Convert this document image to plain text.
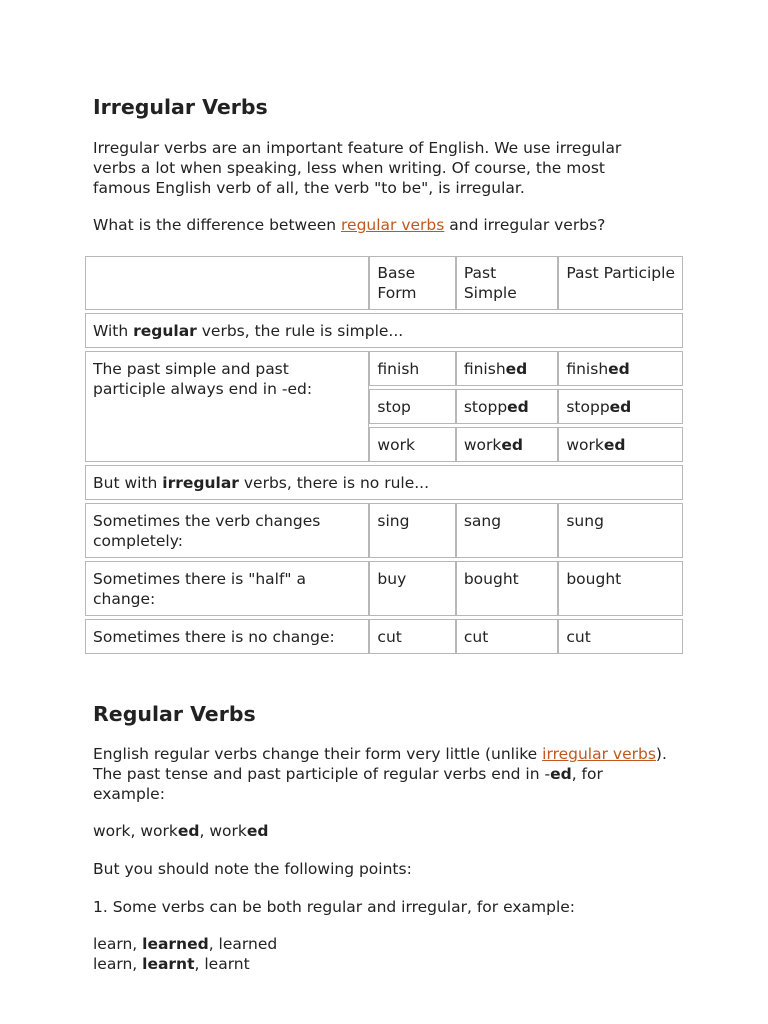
Irregular Verbs

Irregular verbs are an important feature of English. We use irregular verbs a lot when speaking, less when writing. Of course, the most famous English verb of all, the verb "to be", is irregular.

What is the difference between regular verbs and irregular verbs?

	Base Form	Past Simple	Past Participle
With regular verbs, the rule is simple...			
The past simple and past participle always end in -ed:	finish	finished	finished
	stop	stopped	stopped
	work	worked	worked
But with irregular verbs, there is no rule...			
Sometimes the verb changes completely:	sing	sang	sung
Sometimes there is "half" a change:	buy	bought	bought
Sometimes there is no change:	cut	cut	cut
Regular Verbs

English regular verbs change their form very little (unlike irregular verbs). The past tense and past participle of regular verbs end in -ed, for example:

work, worked, worked

But you should note the following points:

1. Some verbs can be both regular and irregular, for example:

learn, learned, learned
learn, learnt, learnt
